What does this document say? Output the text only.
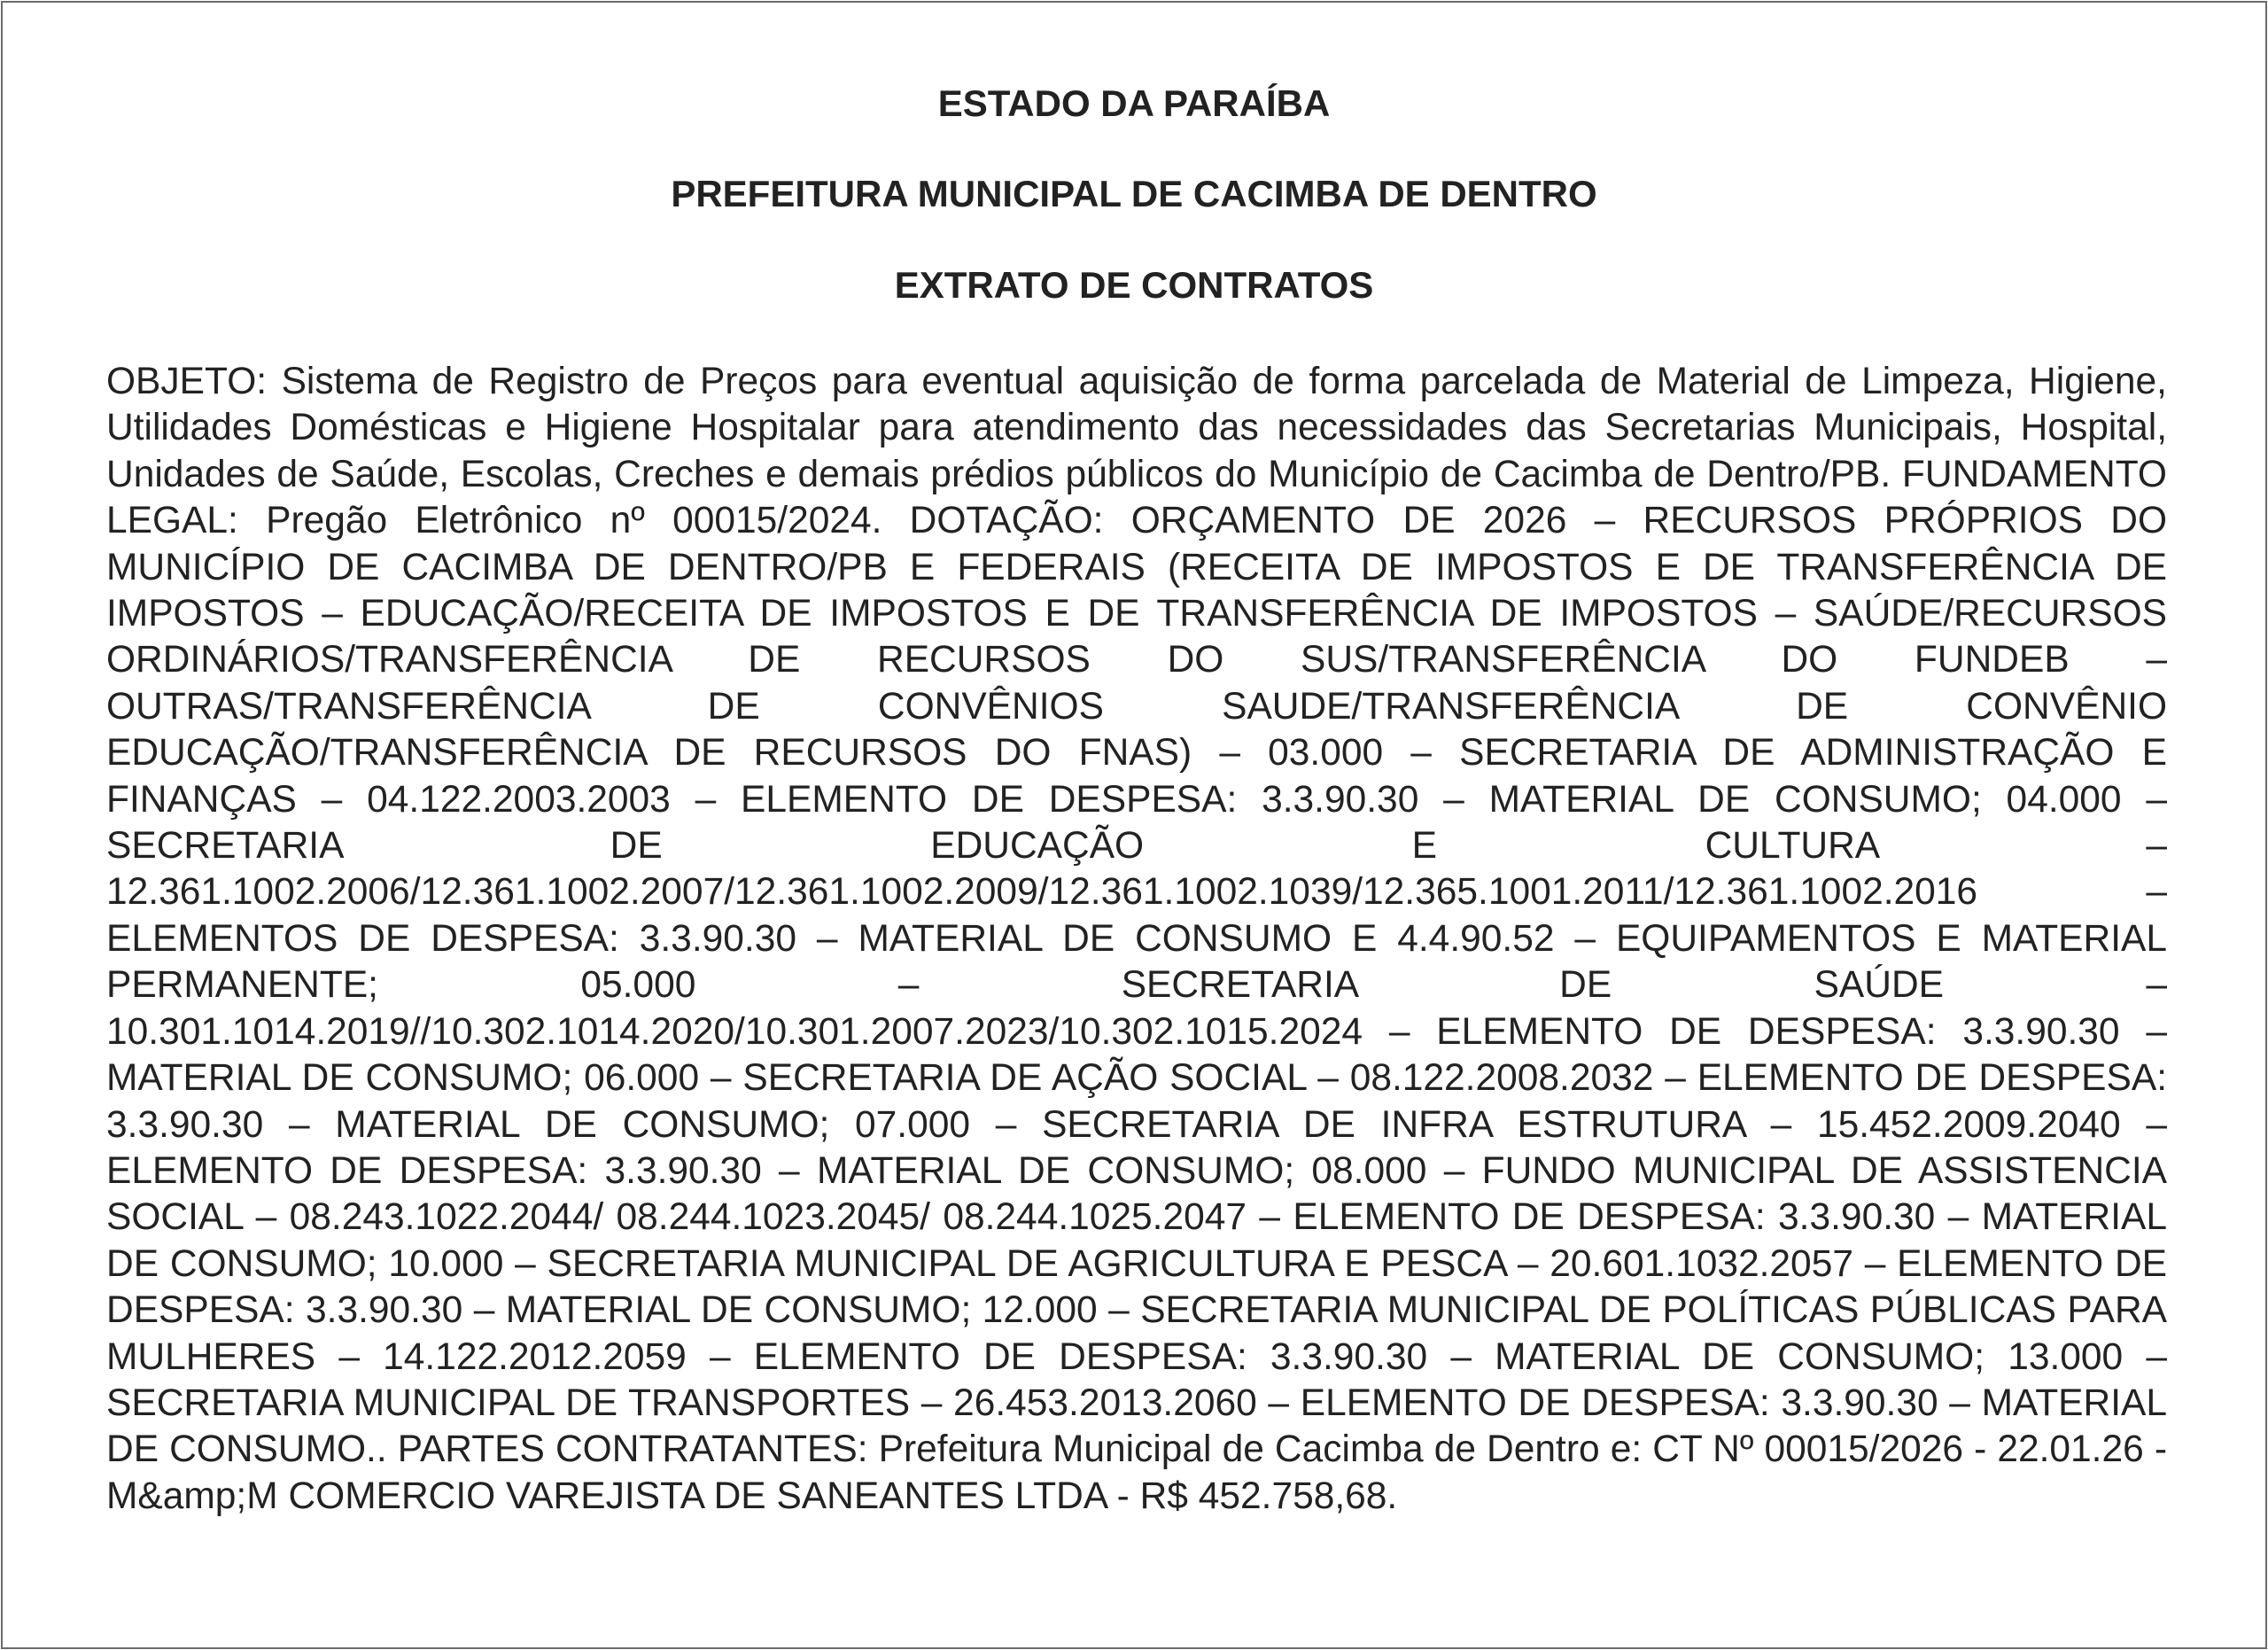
ESTADO DA PARAÍBA
PREFEITURA MUNICIPAL DE CACIMBA DE DENTRO
EXTRATO DE CONTRATOS
OBJETO: Sistema de Registro de Preços para eventual aquisição de forma parcelada de Material de Limpeza, Higiene, Utilidades Domésticas e Higiene Hospitalar para atendimento das necessidades das Secretarias Municipais, Hospital, Unidades de Saúde, Escolas, Creches e demais prédios públicos do Município de Cacimba de Dentro/PB. FUNDAMENTO LEGAL: Pregão Eletrônico nº 00015/2024. DOTAÇÃO: ORÇAMENTO DE 2026 – RECURSOS PRÓPRIOS DO MUNICÍPIO DE CACIMBA DE DENTRO/PB E FEDERAIS (RECEITA DE IMPOSTOS E DE TRANSFERÊNCIA DE IMPOSTOS – EDUCAÇÃO/RECEITA DE IMPOSTOS E DE TRANSFERÊNCIA DE IMPOSTOS – SAÚDE/RECURSOS ORDINÁRIOS/TRANSFERÊNCIA DE RECURSOS DO SUS/TRANSFERÊNCIA DO FUNDEB – OUTRAS/TRANSFERÊNCIA DE CONVÊNIOS SAUDE/TRANSFERÊNCIA DE CONVÊNIO EDUCAÇÃO/TRANSFERÊNCIA DE RECURSOS DO FNAS) – 03.000 – SECRETARIA DE ADMINISTRAÇÃO E FINANÇAS – 04.122.2003.2003 – ELEMENTO DE DESPESA: 3.3.90.30 – MATERIAL DE CONSUMO; 04.000 – SECRETARIA DE EDUCAÇÃO E CULTURA – 12.361.1002.2006/12.361.1002.2007/12.361.1002.2009/12.361.1002.1039/12.365.1001.2011/12.361.1002.2016 – ELEMENTOS DE DESPESA: 3.3.90.30 – MATERIAL DE CONSUMO E 4.4.90.52 – EQUIPAMENTOS E MATERIAL PERMANENTE; 05.000 – SECRETARIA DE SAÚDE – 10.301.1014.2019//10.302.1014.2020/10.301.2007.2023/10.302.1015.2024 – ELEMENTO DE DESPESA: 3.3.90.30 – MATERIAL DE CONSUMO; 06.000 – SECRETARIA DE AÇÃO SOCIAL – 08.122.2008.2032 – ELEMENTO DE DESPESA: 3.3.90.30 – MATERIAL DE CONSUMO; 07.000 – SECRETARIA DE INFRA ESTRUTURA – 15.452.2009.2040 – ELEMENTO DE DESPESA: 3.3.90.30 – MATERIAL DE CONSUMO; 08.000 – FUNDO MUNICIPAL DE ASSISTENCIA SOCIAL – 08.243.1022.2044/ 08.244.1023.2045/ 08.244.1025.2047 – ELEMENTO DE DESPESA: 3.3.90.30 – MATERIAL DE CONSUMO; 10.000 – SECRETARIA MUNICIPAL DE AGRICULTURA E PESCA – 20.601.1032.2057 – ELEMENTO DE DESPESA: 3.3.90.30 – MATERIAL DE CONSUMO; 12.000 – SECRETARIA MUNICIPAL DE POLÍTICAS PÚBLICAS PARA MULHERES – 14.122.2012.2059 – ELEMENTO DE DESPESA: 3.3.90.30 – MATERIAL DE CONSUMO; 13.000 – SECRETARIA MUNICIPAL DE TRANSPORTES – 26.453.2013.2060 – ELEMENTO DE DESPESA: 3.3.90.30 – MATERIAL DE CONSUMO.. PARTES CONTRATANTES: Prefeitura Municipal de Cacimba de Dentro e: CT Nº 00015/2026 - 22.01.26 - M&amp;M COMERCIO VAREJISTA DE SANEANTES LTDA - R$ 452.758,68.
